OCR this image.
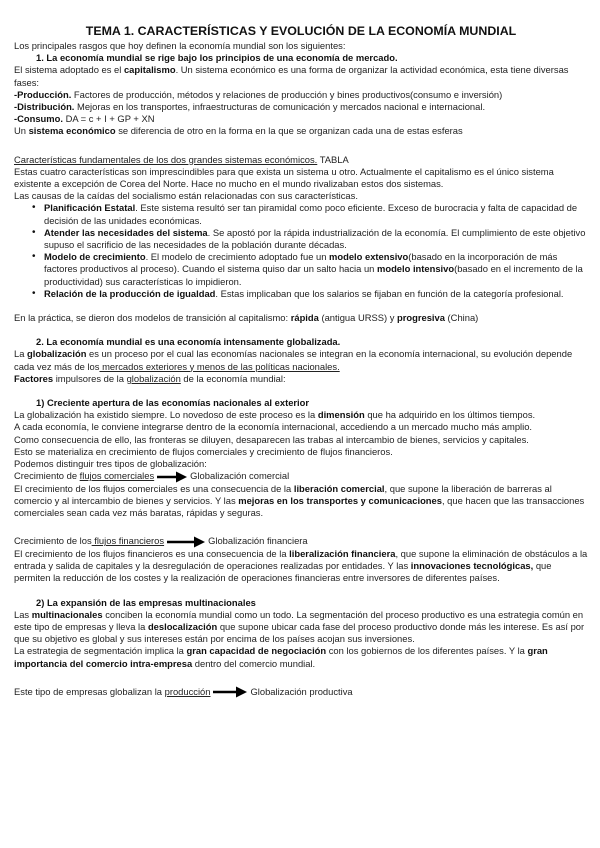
TEMA 1. CARACTERÍSTICAS Y EVOLUCIÓN DE LA ECONOMÍA MUNDIAL

Los principales rasgos que hoy definen la economía mundial son los siguientes:

1. La economía mundial se rige bajo los principios de una economía de mercado.

El sistema adoptado es el capitalismo. Un sistema económico es una forma de organizar la actividad económica, esta tiene diversas fases:

-Producción. Factores de producción, métodos y relaciones de producción y bines productivos(consumo e inversión)

-Distribución. Mejoras en los transportes, infraestructuras de comunicación y mercados nacional e internacional.

-Consumo. DA = c + I + GP + XN

Un sistema económico se diferencia de otro en la forma en la que se organizan cada una de estas esferas

Características fundamentales de los dos grandes sistemas económicos. TABLA

Estas cuatro características son imprescindibles para que exista un sistema u otro. Actualmente el capitalismo es el único sistema existente a excepción de Corea del Norte. Hace no mucho en el mundo rivalizaban estos dos sistemas.

Las causas de la caídas del socialismo están relacionadas con sus características.

• Planificación Estatal. Este sistema resultó ser tan piramidal como poco eficiente. Exceso de burocracia y falta de capacidad de decisión de las unidades económicas.
• Atender las necesidades del sistema. Se apostó por la rápida industrialización de la economía. El cumplimiento de este objetivo supuso el sacrificio de las necesidades de la población durante décadas.
• Modelo de crecimiento. El modelo de crecimiento adoptado fue un modelo extensivo(basado en la incorporación de más factores productivos al proceso). Cuando el sistema quiso dar un salto hacia un modelo intensivo(basado en el incremento de la productividad) sus características lo impidieron.
• Relación de la producción de igualdad. Estas implicaban que los salarios se fijaban en función de la categoría profesional.

En la práctica, se dieron dos modelos de transición al capitalismo: rápida (antigua URSS) y progresiva (China)

2. La economía mundial es una economía intensamente globalizada.

La globalización es un proceso por el cual las economías nacionales se integran en la economía internacional, su evolución depende cada vez más de los mercados exteriores y menos de las políticas nacionales.

Factores impulsores de la globalización de la economía mundial:

1) Creciente apertura de las economías nacionales al exterior

La globalización ha existido siempre. Lo novedoso de este proceso es la dimensión que ha adquirido en los últimos tiempos.

A cada economía, le conviene integrarse dentro de la economía internacional, accediendo a un mercado mucho más amplio.

Como consecuencia de ello, las fronteras se diluyen, desaparecen las trabas al intercambio de bienes, servicios y capitales.

Esto se materializa en crecimiento de flujos comerciales y crecimiento de flujos financieros.

Podemos distinguir tres tipos de globalización:

Crecimiento de flujos comerciales	Globalización comercial

El crecimiento de los flujos comerciales es una consecuencia de la liberación comercial, que supone la liberación de barreras al comercio y al intercambio de bienes y servicios. Y las mejoras en los transportes y comunicaciones, que hacen que las transacciones comerciales sean cada vez más baratas, rápidas y seguras.

Crecimiento de los flujos financieros	Globalización financiera

El crecimiento de los flujos financieros es una consecuencia de la liberalización financiera, que supone la eliminación de obstáculos a la entrada y salida de capitales y la desregulación de operaciones realizadas por entidades. Y las innovaciones tecnológicas, que permiten la reducción de los costes y la realización de operaciones financieras entre inversores de diferentes países.

2) La expansión de las empresas multinacionales

Las multinacionales conciben la economía mundial como un todo. La segmentación del proceso productivo es una estrategia común en este tipo de empresas y lleva la deslocalización que supone ubicar cada fase del proceso productivo donde más les interese. Es así por que su objetivo es global y sus intereses están por encima de los países acojan sus inversiones.

La estrategia de segmentación implica la gran capacidad de negociación con los gobiernos de los diferentes países. Y la gran importancia del comercio intra-empresa dentro del comercio mundial.

Este tipo de empresas globalizan la producción	Globalización productiva
